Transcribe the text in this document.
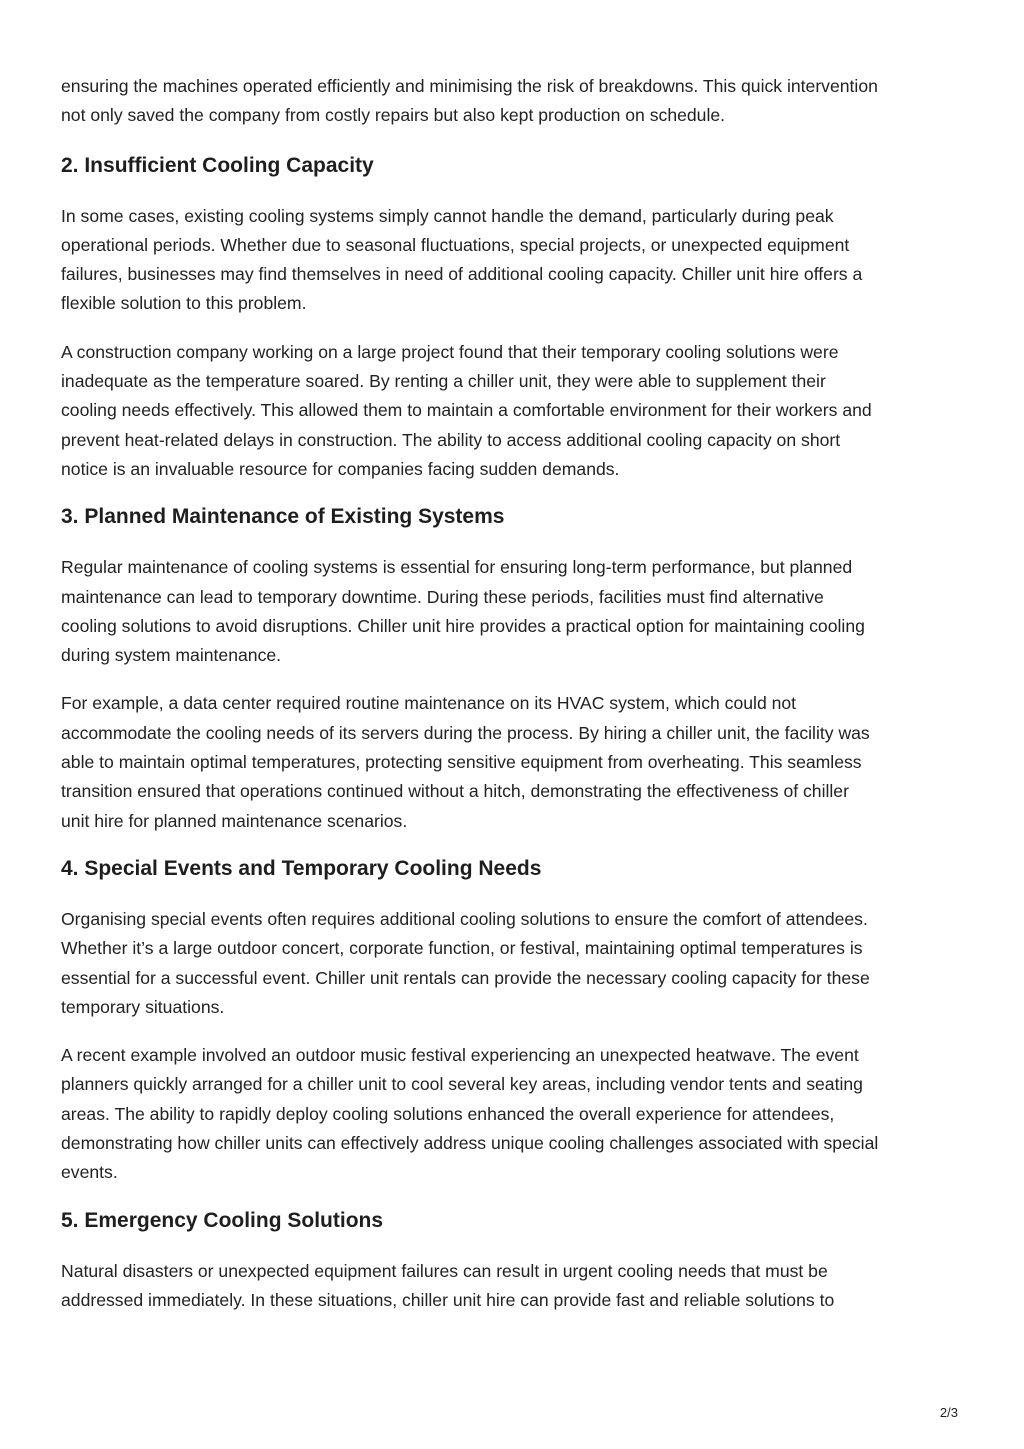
ensuring the machines operated efficiently and minimising the risk of breakdowns. This quick intervention
not only saved the company from costly repairs but also kept production on schedule.

2. Insufficient Cooling Capacity

In some cases, existing cooling systems simply cannot handle the demand, particularly during peak
operational periods. Whether due to seasonal fluctuations, special projects, or unexpected equipment
failures, businesses may find themselves in need of additional cooling capacity. Chiller unit hire offers a
flexible solution to this problem.

A construction company working on a large project found that their temporary cooling solutions were
inadequate as the temperature soared. By renting a chiller unit, they were able to supplement their
cooling needs effectively. This allowed them to maintain a comfortable environment for their workers and
prevent heat-related delays in construction. The ability to access additional cooling capacity on short
notice is an invaluable resource for companies facing sudden demands.

3. Planned Maintenance of Existing Systems

Regular maintenance of cooling systems is essential for ensuring long-term performance, but planned
maintenance can lead to temporary downtime. During these periods, facilities must find alternative
cooling solutions to avoid disruptions. Chiller unit hire provides a practical option for maintaining cooling
during system maintenance.

For example, a data center required routine maintenance on its HVAC system, which could not
accommodate the cooling needs of its servers during the process. By hiring a chiller unit, the facility was
able to maintain optimal temperatures, protecting sensitive equipment from overheating. This seamless
transition ensured that operations continued without a hitch, demonstrating the effectiveness of chiller
unit hire for planned maintenance scenarios.

4. Special Events and Temporary Cooling Needs

Organising special events often requires additional cooling solutions to ensure the comfort of attendees.
Whether it’s a large outdoor concert, corporate function, or festival, maintaining optimal temperatures is
essential for a successful event. Chiller unit rentals can provide the necessary cooling capacity for these
temporary situations.

A recent example involved an outdoor music festival experiencing an unexpected heatwave. The event
planners quickly arranged for a chiller unit to cool several key areas, including vendor tents and seating
areas. The ability to rapidly deploy cooling solutions enhanced the overall experience for attendees,
demonstrating how chiller units can effectively address unique cooling challenges associated with special
events.

5. Emergency Cooling Solutions

Natural disasters or unexpected equipment failures can result in urgent cooling needs that must be
addressed immediately. In these situations, chiller unit hire can provide fast and reliable solutions to

2/3
